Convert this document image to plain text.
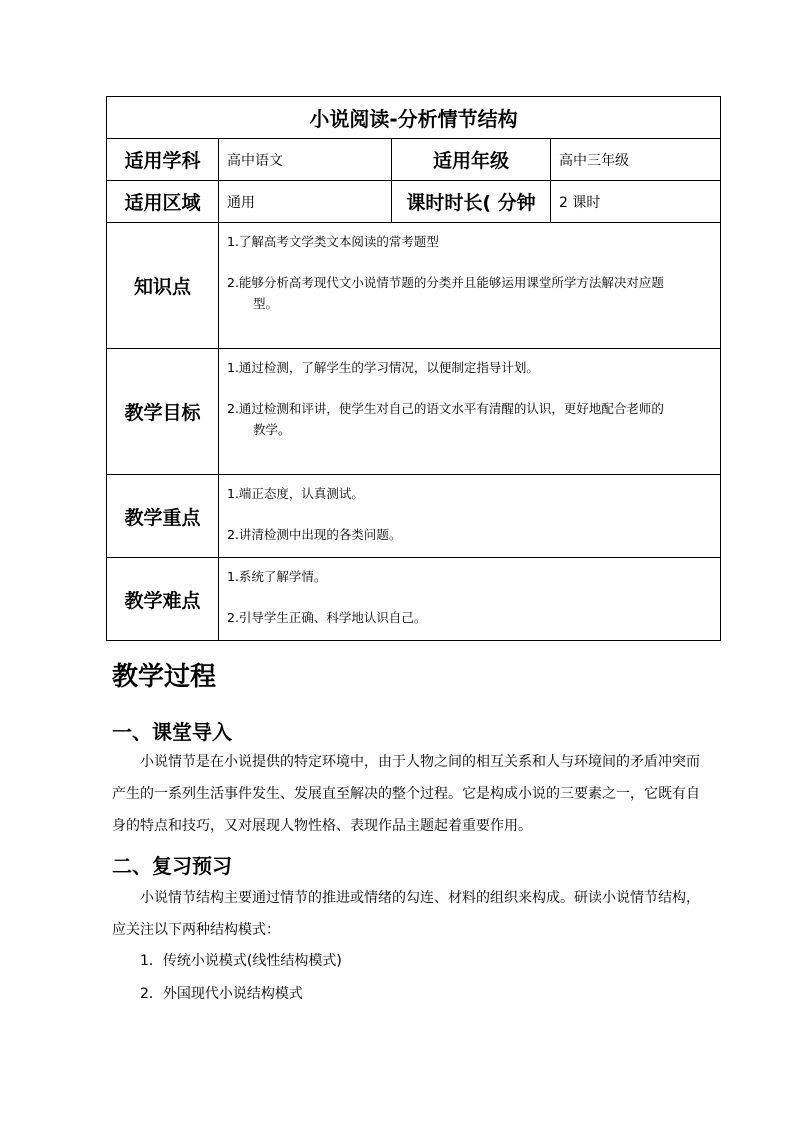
小说阅读-分析情节结构			
适用学科	高中语文	适用年级	高中三年级
适用区域	通用	课时时长( 分钟	2 课时
知识点	1.了解高考文学类文本阅读的常考题型
2.能够分析高考现代文小说情节题的分类并且能够运用课堂所学方法解决对应题
型。		

教学目标	1.通过检测，了解学生的学习情况，以便制定指导计划。
2.通过检测和评讲，使学生对自己的语文水平有清醒的认识，更好地配合老师的
教学。		

教学重点	1.端正态度，认真测试。
2.讲清检测中出现的各类问题。		

教学难点	1.系统了解学情。
2.引导学生正确、科学地认识自己。		
教学过程
一、课堂导入
小说情节是在小说提供的特定环境中，由于人物之间的相互关系和人与环境间的矛盾冲突而产生的一系列生活事件发生、发展直至解决的整个过程。它是构成小说的三要素之一，它既有自身的特点和技巧，又对展现人物性格、表现作品主题起着重要作用。
二、复习预习
小说情节结构主要通过情节的推进或情绪的勾连、材料的组织来构成。研读小说情节结构，应关注以下两种结构模式：
1．传统小说模式(线性结构模式)
2．外国现代小说结构模式
